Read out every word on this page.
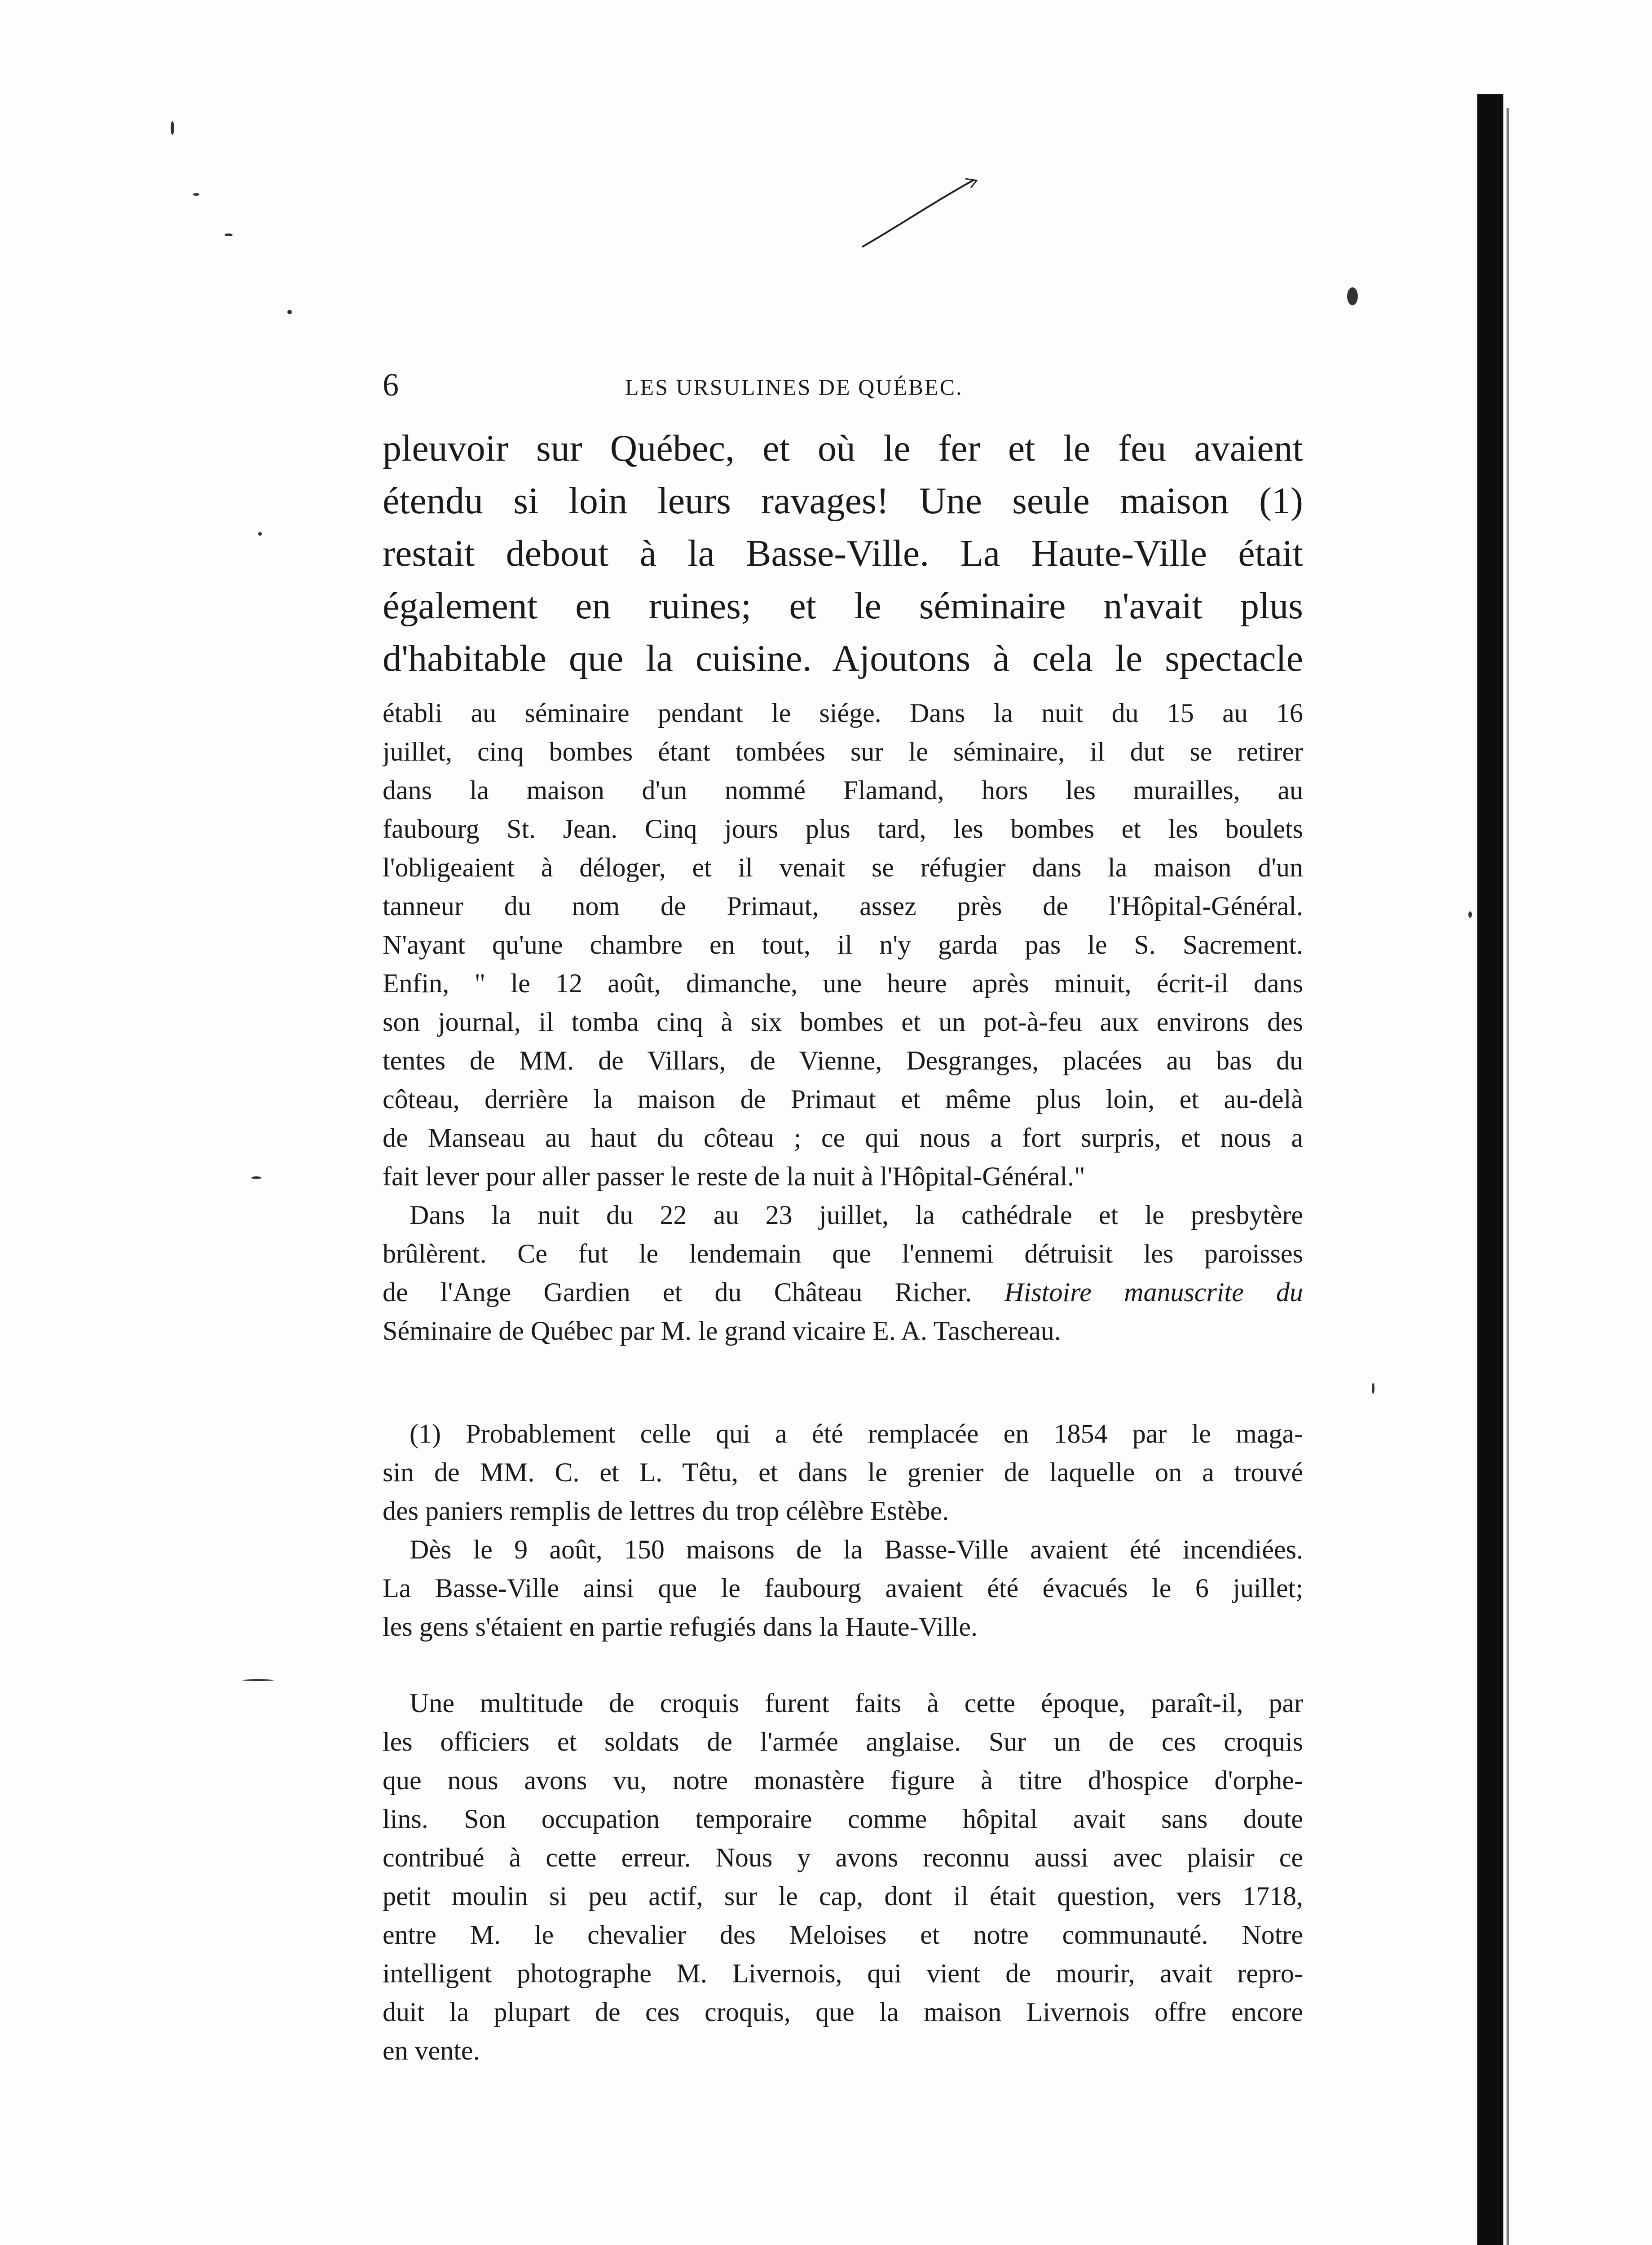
6	LES URSULINES DE QUÉBEC.
pleuvoir sur Québec, et où le fer et le feu avaient
étendu si loin leurs ravages! Une seule maison (1)
restait debout à la Basse-Ville. La Haute-Ville était
également en ruines; et le séminaire n'avait plus
d'habitable que la cuisine. Ajoutons à cela le spectacle
établi au séminaire pendant le siége. Dans la nuit du 15 au 16
juillet, cinq bombes étant tombées sur le séminaire, il dut se retirer
dans la maison d'un nommé Flamand, hors les murailles, au
faubourg St. Jean. Cinq jours plus tard, les bombes et les boulets
l'obligeaient à déloger, et il venait se réfugier dans la maison d'un
tanneur du nom de Primaut, assez près de l'Hôpital-Général.
N'ayant qu'une chambre en tout, il n'y garda pas le S. Sacrement.
Enfin, " le 12 août, dimanche, une heure après minuit, écrit-il dans
son journal, il tomba cinq à six bombes et un pot-à-feu aux environs des
tentes de MM. de Villars, de Vienne, Desgranges, placées au bas du
côteau, derrière la maison de Primaut et même plus loin, et au-delà
de Manseau au haut du côteau ; ce qui nous a fort surpris, et nous a
fait lever pour aller passer le reste de la nuit à l'Hôpital-Général."
Dans la nuit du 22 au 23 juillet, la cathédrale et le presbytère
brûlèrent. Ce fut le lendemain que l'ennemi détruisit les paroisses
de l'Ange Gardien et du Château Richer. Histoire manuscrite du
Séminaire de Québec par M. le grand vicaire E. A. Taschereau.
(1) Probablement celle qui a été remplacée en 1854 par le maga-
sin de MM. C. et L. Têtu, et dans le grenier de laquelle on a trouvé
des paniers remplis de lettres du trop célèbre Estèbe.
Dès le 9 août, 150 maisons de la Basse-Ville avaient été incendiées.
La Basse-Ville ainsi que le faubourg avaient été évacués le 6 juillet;
les gens s'étaient en partie refugiés dans la Haute-Ville.
Une multitude de croquis furent faits à cette époque, paraît-il, par
les officiers et soldats de l'armée anglaise. Sur un de ces croquis
que nous avons vu, notre monastère figure à titre d'hospice d'orphe-
lins. Son occupation temporaire comme hôpital avait sans doute
contribué à cette erreur. Nous y avons reconnu aussi avec plaisir ce
petit moulin si peu actif, sur le cap, dont il était question, vers 1718,
entre M. le chevalier des Meloises et notre communauté. Notre
intelligent photographe M. Livernois, qui vient de mourir, avait repro-
duit la plupart de ces croquis, que la maison Livernois offre encore
en vente.
